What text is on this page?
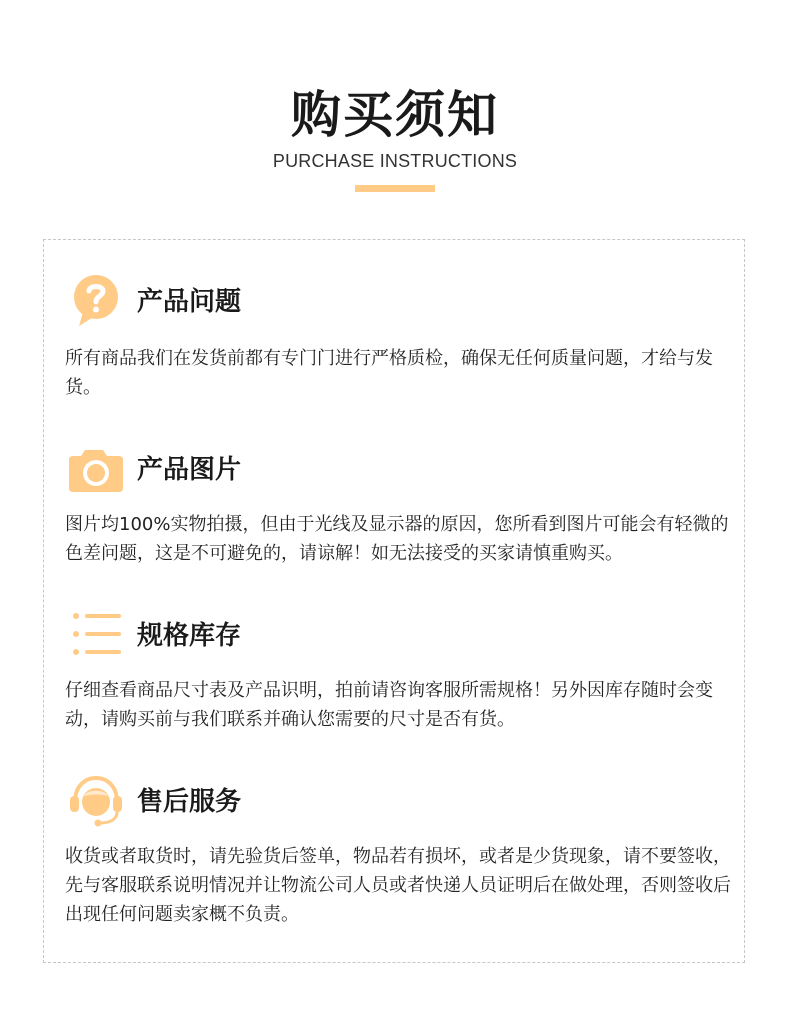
购买须知
PURCHASE INSTRUCTIONS
产品问题
所有商品我们在发货前都有专门门进行严格质检，确保无任何质量问题，才给与发货。
产品图片
图片均100%实物拍摄，但由于光线及显示器的原因，您所看到图片可能会有轻微的色差问题，这是不可避免的，请谅解！如无法接受的买家请慎重购买。
规格库存
仔细查看商品尺寸表及产品识明，拍前请咨询客服所需规格！另外因库存随时会变动，请购买前与我们联系并确认您需要的尺寸是否有货。
售后服务
收货或者取货时，请先验货后签单，物品若有损坏，或者是少货现象，请不要签收，先与客服联系说明情况并让物流公司人员或者快递人员证明后在做处理，否则签收后出现任何问题卖家概不负责。
